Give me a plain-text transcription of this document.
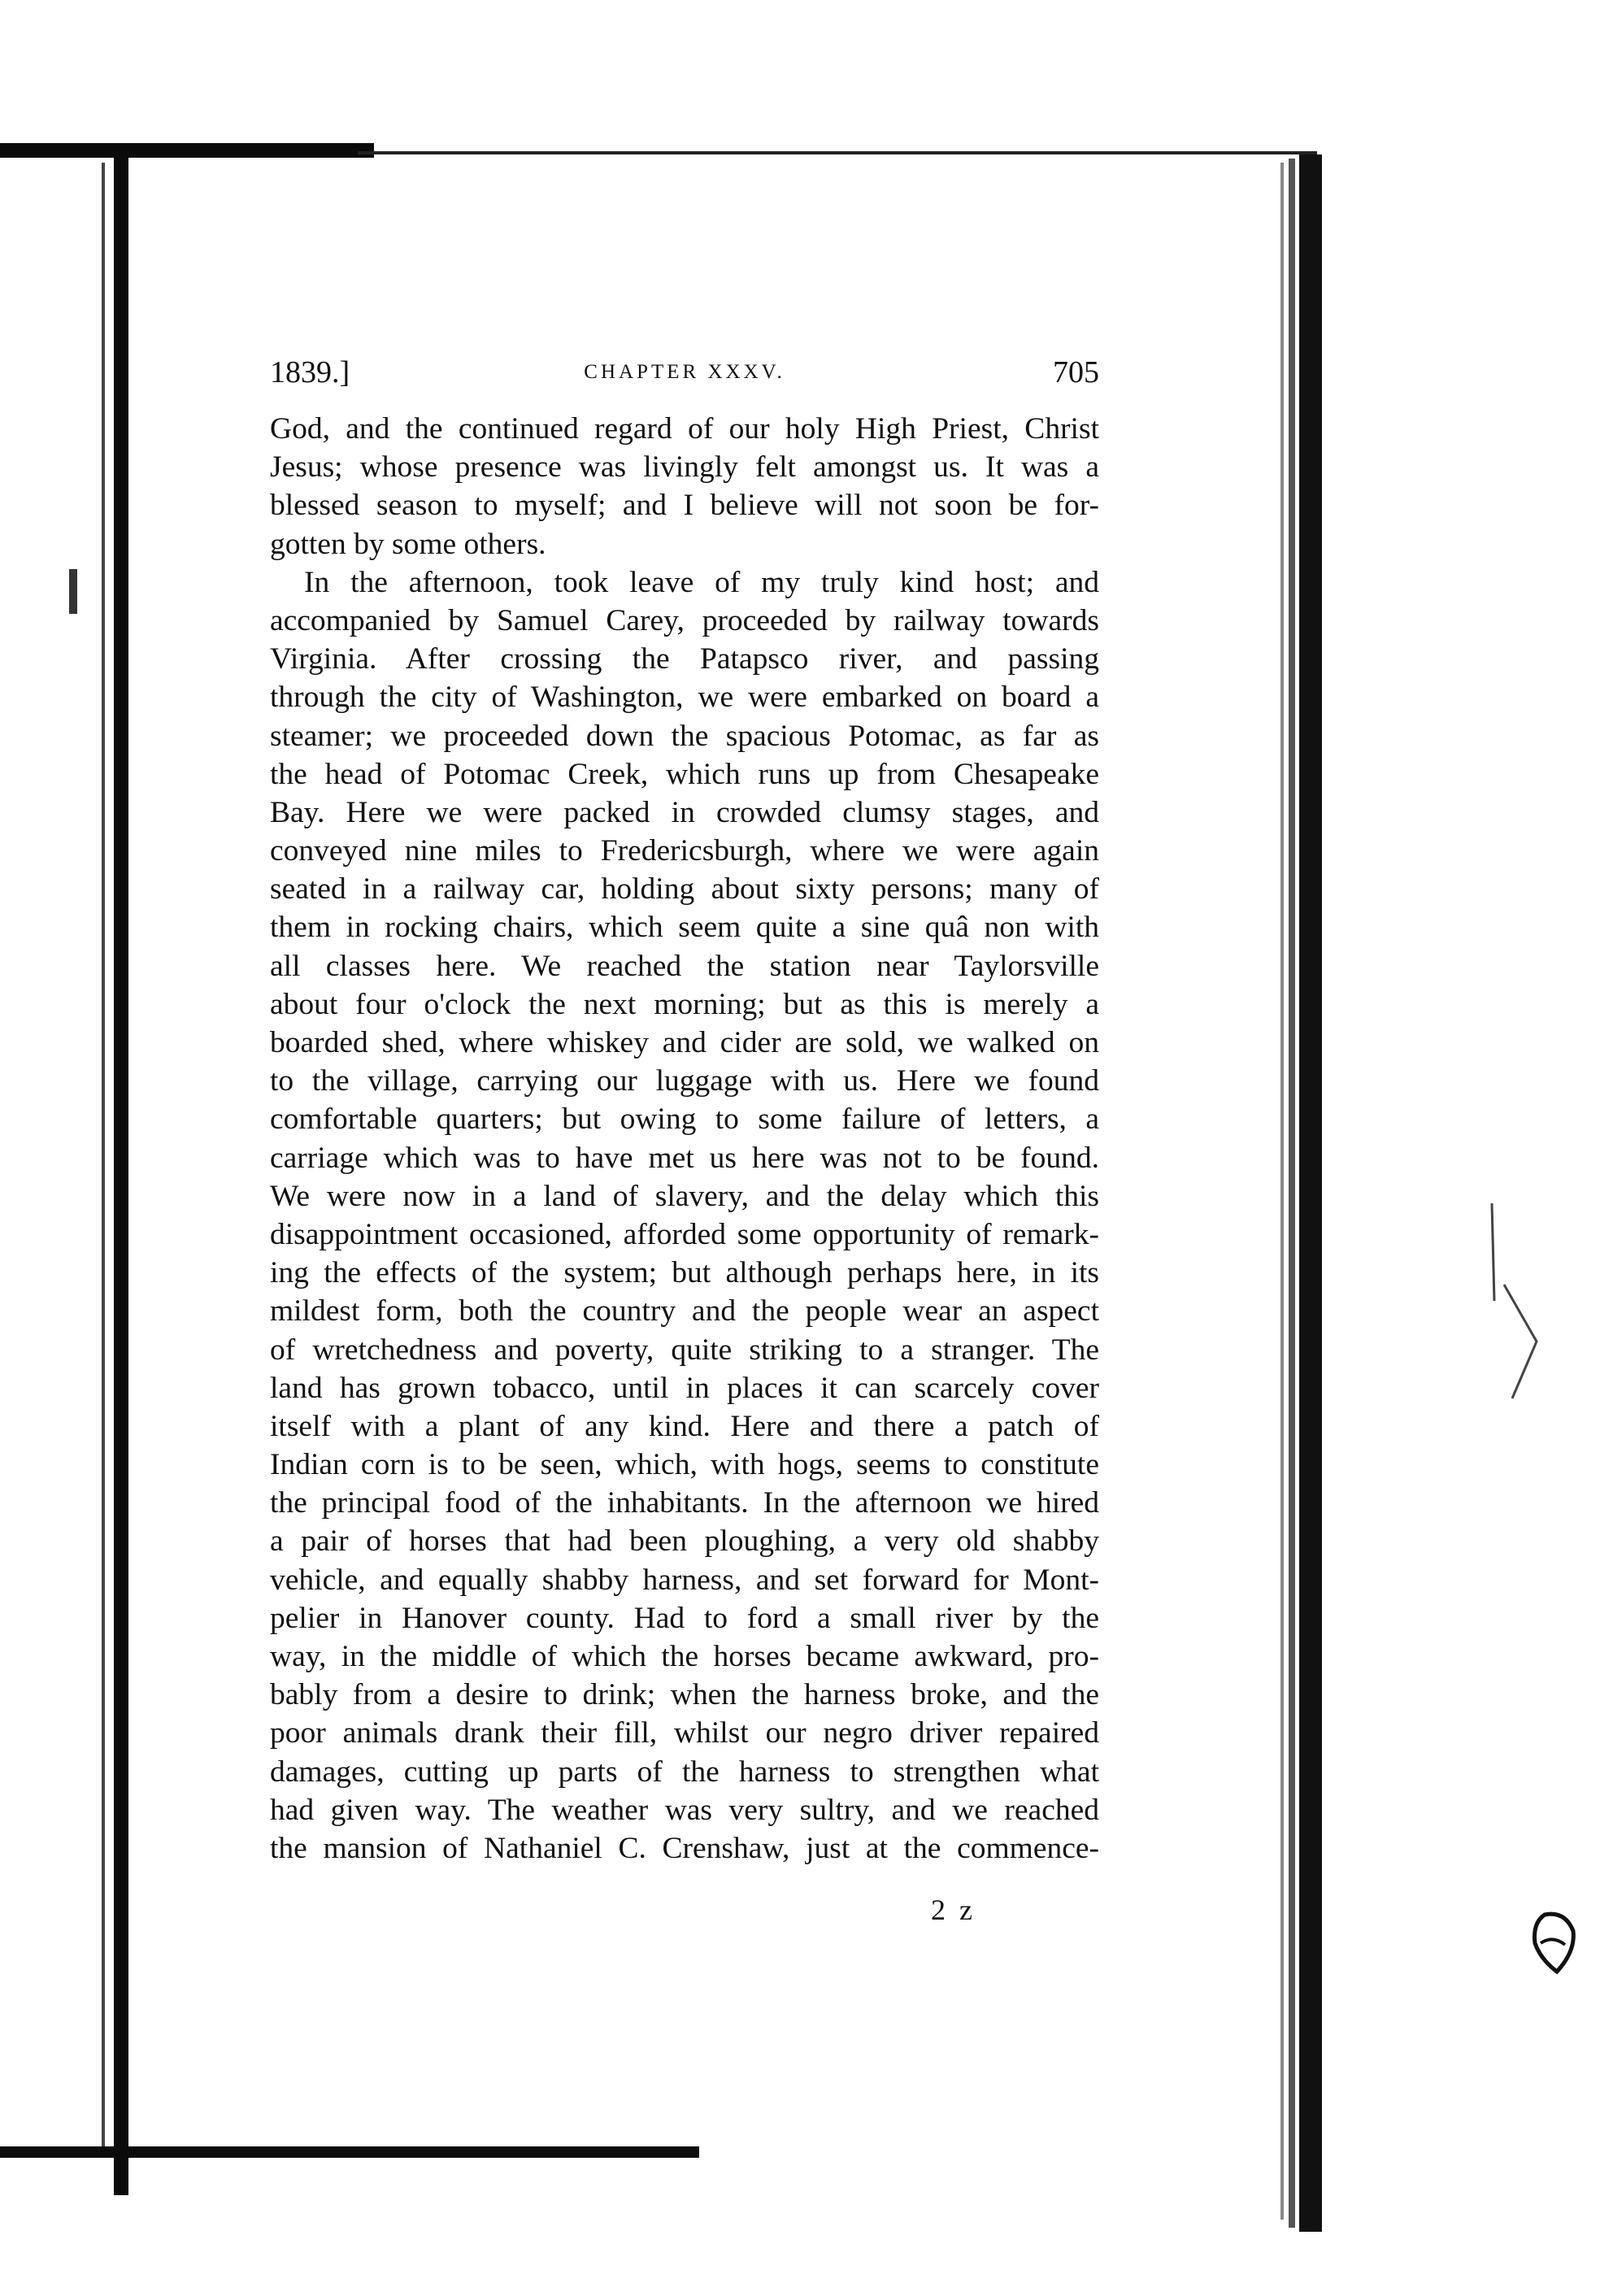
1839.]	CHAPTER XXXV.	705
God, and the continued regard of our holy High Priest, Christ
Jesus; whose presence was livingly felt amongst us. It was a
blessed season to myself; and I believe will not soon be for-
gotten by some others.
In the afternoon, took leave of my truly kind host; and
accompanied by Samuel Carey, proceeded by railway towards
Virginia. After crossing the Patapsco river, and passing
through the city of Washington, we were embarked on board a
steamer; we proceeded down the spacious Potomac, as far as
the head of Potomac Creek, which runs up from Chesapeake
Bay. Here we were packed in crowded clumsy stages, and
conveyed nine miles to Fredericsburgh, where we were again
seated in a railway car, holding about sixty persons; many of
them in rocking chairs, which seem quite a sine quâ non with
all classes here. We reached the station near Taylorsville
about four o'clock the next morning; but as this is merely a
boarded shed, where whiskey and cider are sold, we walked on
to the village, carrying our luggage with us. Here we found
comfortable quarters; but owing to some failure of letters, a
carriage which was to have met us here was not to be found.
We were now in a land of slavery, and the delay which this
disappointment occasioned, afforded some opportunity of remark-
ing the effects of the system; but although perhaps here, in its
mildest form, both the country and the people wear an aspect
of wretchedness and poverty, quite striking to a stranger. The
land has grown tobacco, until in places it can scarcely cover
itself with a plant of any kind. Here and there a patch of
Indian corn is to be seen, which, with hogs, seems to constitute
the principal food of the inhabitants. In the afternoon we hired
a pair of horses that had been ploughing, a very old shabby
vehicle, and equally shabby harness, and set forward for Mont-
pelier in Hanover county. Had to ford a small river by the
way, in the middle of which the horses became awkward, pro-
bably from a desire to drink; when the harness broke, and the
poor animals drank their fill, whilst our negro driver repaired
damages, cutting up parts of the harness to strengthen what
had given way. The weather was very sultry, and we reached
the mansion of Nathaniel C. Crenshaw, just at the commence-
2 z
